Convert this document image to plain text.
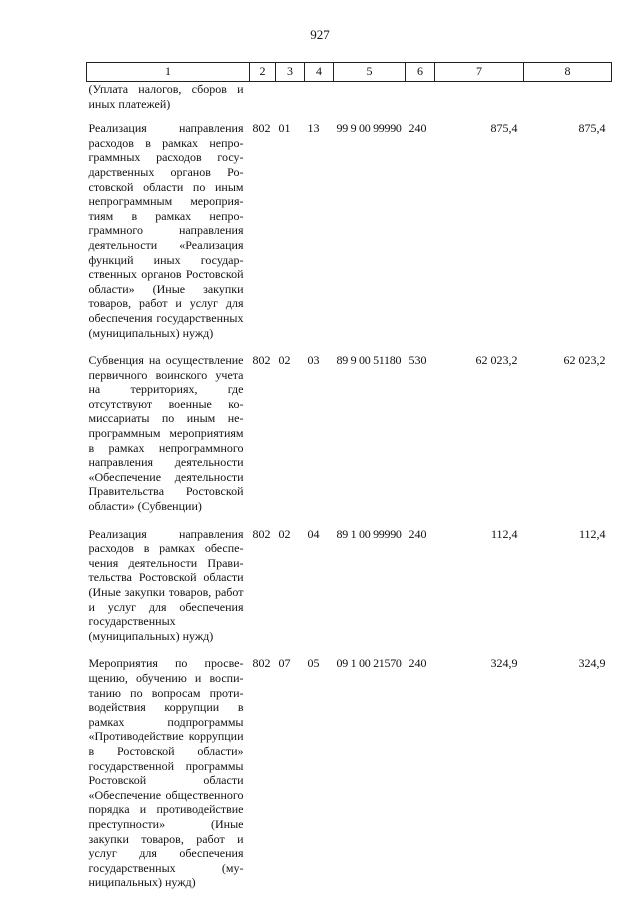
927
1	2	3	4	5	6	7	8
(Уплата налогов, сборов и иных платежей)							
Реализация направления расходов в рамках непрограммных расходов государственных органов Ростовской области по иным непрограммным мероприятиям в рамках непрограммного направления деятельности «Реализация функций иных государственных органов Ростовской области» (Иные закупки товаров, работ и услуг для обеспечения государственных (муниципальных) нужд)	802	01	13	99 9 00 99990	240	875,4	875,4
Субвенция на осуществление первичного воинского учета на территориях, где отсутствуют военные комиссариаты по иным непрограммным мероприятиям в рамках непрограммного направления деятельности «Обеспечение деятельности Правительства Ростовской области» (Субвенции)	802	02	03	89 9 00 51180	530	62 023,2	62 023,2
Реализация направления расходов в рамках обеспечения деятельности Правительства Ростовской области (Иные закупки товаров, работ и услуг для обеспечения государственных (муниципальных) нужд)	802	02	04	89 1 00 99990	240	112,4	112,4
Мероприятия по просвещению, обучению и воспитанию по вопросам противодействия коррупции в рамках подпрограммы «Противодействие коррупции в Ростовской области» государственной программы Ростовской области «Обеспечение общественного порядка и противодействие преступности» (Иные закупки товаров, работ и услуг для обеспечения государственных (муниципальных) нужд)	802	07	05	09 1 00 21570	240	324,9	324,9
